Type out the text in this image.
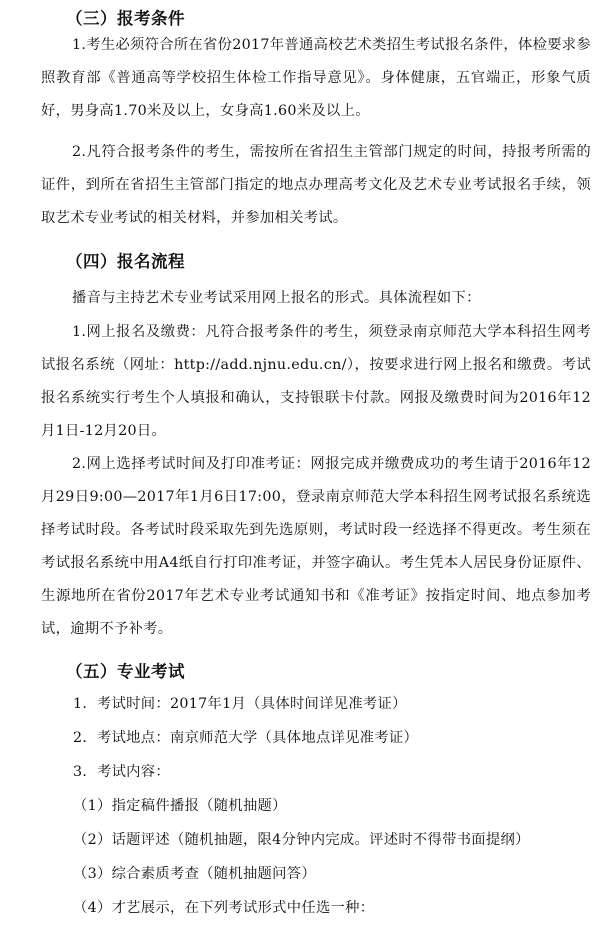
（三）报考条件

1.考生必须符合所在省份2017年普通高校艺术类招生考试报名条件，体检要求参照教育部《普通高等学校招生体检工作指导意见》。身体健康，五官端正，形象气质好，男身高1.70米及以上，女身高1.60米及以上。

2.凡符合报考条件的考生，需按所在省招生主管部门规定的时间，持报考所需的证件，到所在省招生主管部门指定的地点办理高考文化及艺术专业考试报名手续，领取艺术专业考试的相关材料，并参加相关考试。

（四）报名流程

播音与主持艺术专业考试采用网上报名的形式。具体流程如下：

1.网上报名及缴费：凡符合报考条件的考生，须登录南京师范大学本科招生网考试报名系统（网址：http://add.njnu.edu.cn/），按要求进行网上报名和缴费。考试报名系统实行考生个人填报和确认，支持银联卡付款。网报及缴费时间为2016年12月1日-12月20日。

2.网上选择考试时间及打印准考证：网报完成并缴费成功的考生请于2016年12月29日9:00—2017年1月6日17:00，登录南京师范大学本科招生网考试报名系统选择考试时段。各考试时段采取先到先选原则，考试时段一经选择不得更改。考生须在考试报名系统中用A4纸自行打印准考证，并签字确认。考生凭本人居民身份证原件、生源地所在省份2017年艺术专业考试通知书和《准考证》按指定时间、地点参加考试，逾期不予补考。

（五）专业考试

1．考试时间：2017年1月（具体时间详见准考证）

2．考试地点：南京师范大学（具体地点详见准考证）

3．考试内容：

（1）指定稿件播报（随机抽题）

（2）话题评述（随机抽题，限4分钟内完成。评述时不得带书面提纲）

（3）综合素质考查（随机抽题问答）

（4）才艺展示，在下列考试形式中任选一种：
